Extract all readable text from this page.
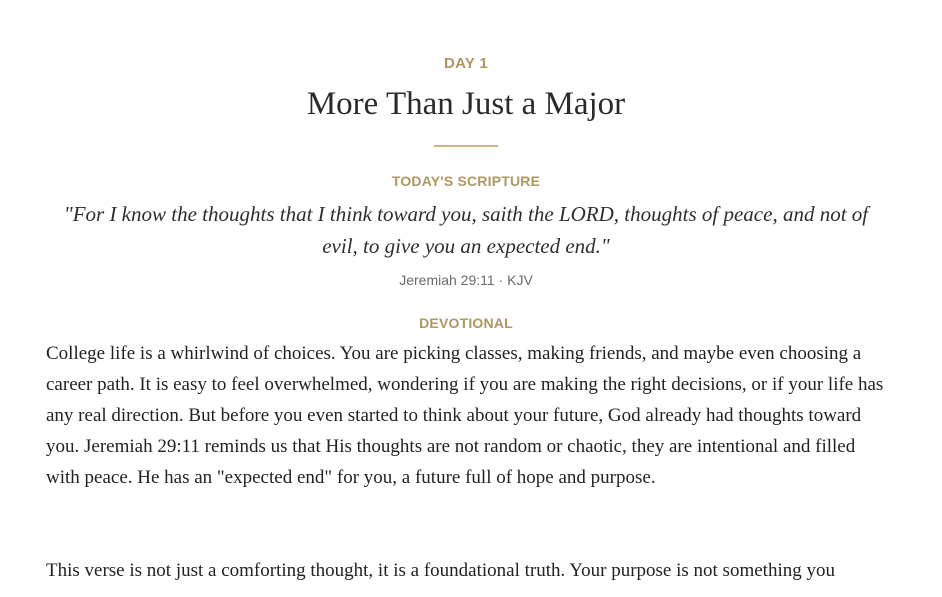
DAY 1
More Than Just a Major
TODAY'S SCRIPTURE
"For I know the thoughts that I think toward you, saith the LORD, thoughts of peace, and not of evil, to give you an expected end."
Jeremiah 29:11 · KJV
DEVOTIONAL
College life is a whirlwind of choices. You are picking classes, making friends, and maybe even choosing a career path. It is easy to feel overwhelmed, wondering if you are making the right decisions, or if your life has any real direction. But before you even started to think about your future, God already had thoughts toward you. Jeremiah 29:11 reminds us that His thoughts are not random or chaotic, they are intentional and filled with peace. He has an "expected end" for you, a future full of hope and purpose.
This verse is not just a comforting thought, it is a foundational truth. Your purpose is not something you
